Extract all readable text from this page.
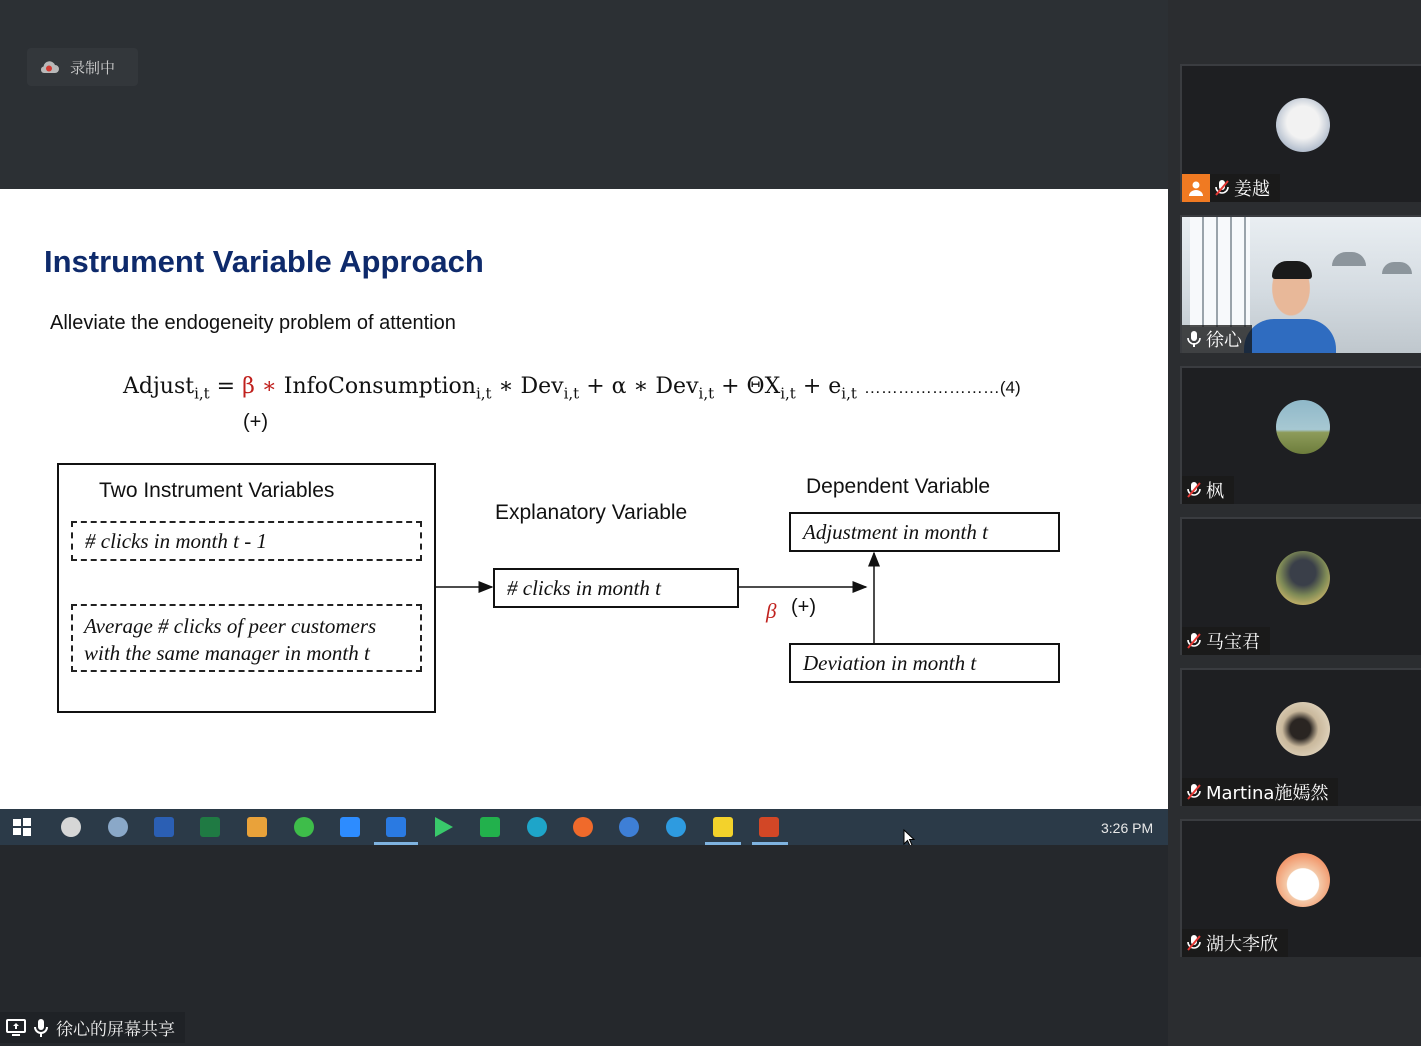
录制中
Instrument Variable Approach
Alleviate the endogeneity problem of attention
Adjust$_{i,t}$ = β ∗ InfoConsumption$_{i,t}$ ∗ Dev$_{i,t}$ + α ∗ $Dev_{i,t} + \Theta X_{i,t} + e_{i,t}$ ……………………(4)
(+)
Two Instrument Variables
# clicks in month t - 1
Average # clicks of peer customers
with the same manager in month t
Explanatory Variable
# clicks in month t
Dependent Variable
Adjustment in month t
Deviation in month t
β (+)
3:26 PM
徐心的屏幕共享
姜越
徐心
枫
马宝君
Martina施嫣然
湖大李欣
